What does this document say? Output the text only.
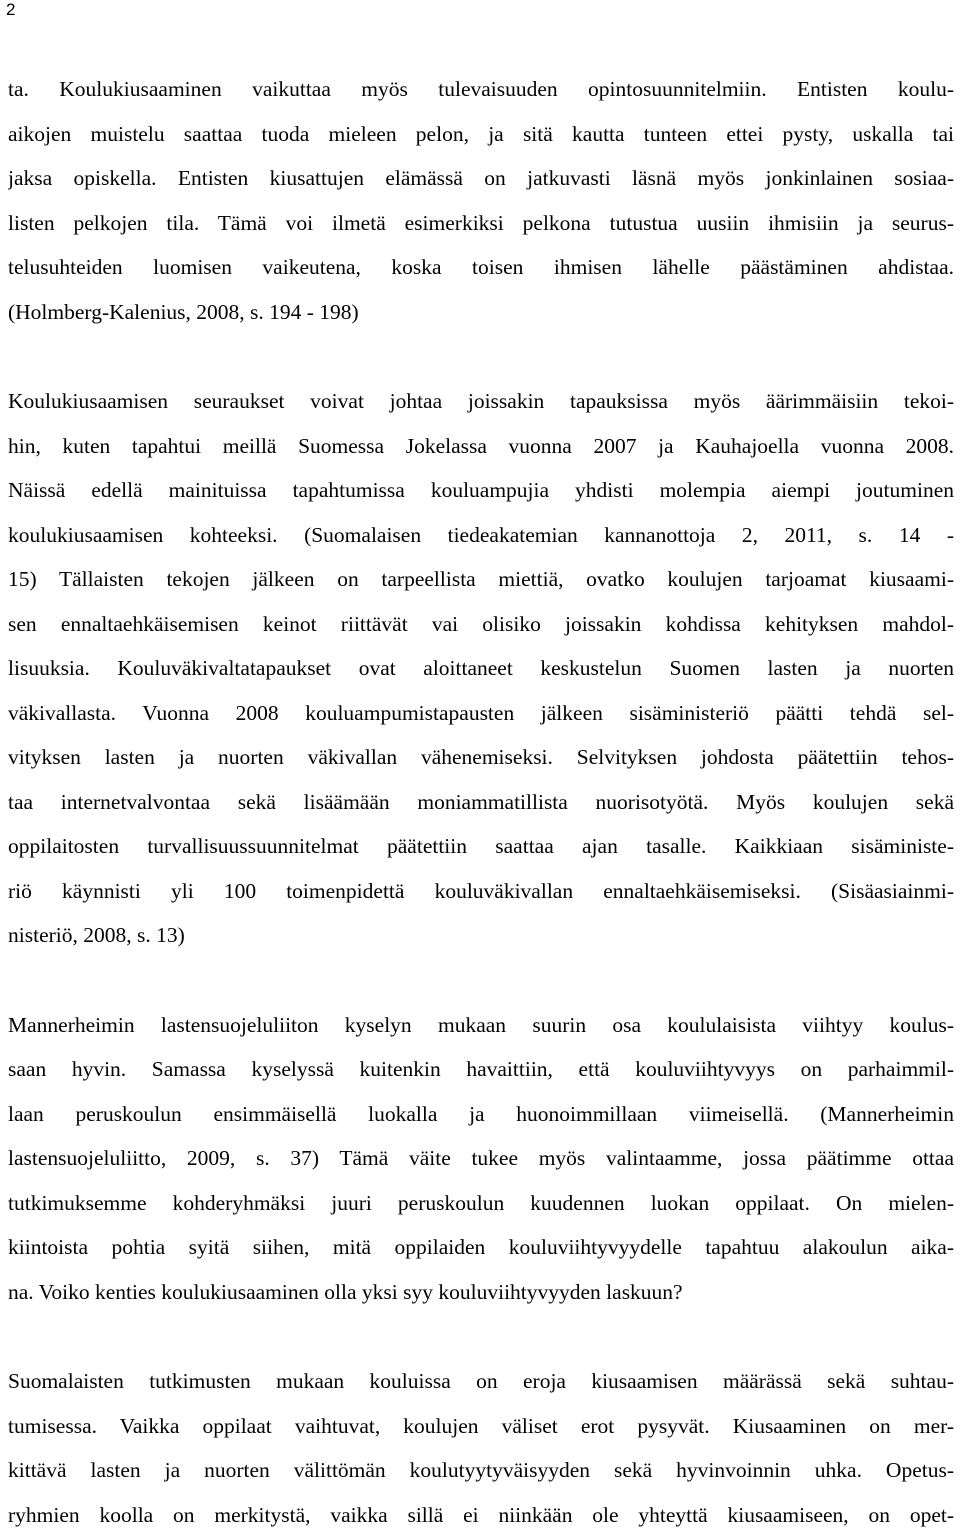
2
ta. Koulukiusaaminen vaikuttaa myös tulevaisuuden opintosuunnitelmiin. Entisten koulu-
aikojen muistelu saattaa tuoda mieleen pelon, ja sitä kautta tunteen ettei pysty, uskalla tai
jaksa opiskella. Entisten kiusattujen elämässä on jatkuvasti läsnä myös jonkinlainen sosiaa-
listen pelkojen tila. Tämä voi ilmetä esimerkiksi pelkona tutustua uusiin ihmisiin ja seurus-
telusuhteiden luomisen vaikeutena, koska toisen ihmisen lähelle päästäminen ahdistaa.
(Holmberg-Kalenius, 2008, s. 194 - 198)
Koulukiusaamisen seuraukset voivat johtaa joissakin tapauksissa myös äärimmäisiin tekoi-
hin, kuten tapahtui meillä Suomessa Jokelassa vuonna 2007 ja Kauhajoella vuonna 2008.
Näissä edellä mainituissa tapahtumissa kouluampujia yhdisti molempia aiempi joutuminen
koulukiusaamisen kohteeksi. (Suomalaisen tiedeakatemian kannanottoja 2, 2011, s. 14 -
15) Tällaisten tekojen jälkeen on tarpeellista miettiä, ovatko koulujen tarjoamat kiusaami-
sen ennaltaehkäisemisen keinot riittävät vai olisiko joissakin kohdissa kehityksen mahdol-
lisuuksia. Kouluväkivaltatapaukset ovat aloittaneet keskustelun Suomen lasten ja nuorten
väkivallasta. Vuonna 2008 kouluampumistapausten jälkeen sisäministeriö päätti tehdä sel-
vityksen lasten ja nuorten väkivallan vähenemiseksi. Selvityksen johdosta päätettiin tehos-
taa internetvalvontaa sekä lisäämään moniammatillista nuorisotyötä. Myös koulujen sekä
oppilaitosten turvallisuussuunnitelmat päätettiin saattaa ajan tasalle. Kaikkiaan sisäministe-
riö käynnisti yli 100 toimenpidettä kouluväkivallan ennaltaehkäisemiseksi. (Sisäasiainmi-
nisteriö, 2008, s. 13)
Mannerheimin lastensuojeluliiton kyselyn mukaan suurin osa koululaisista viihtyy koulus-
saan hyvin. Samassa kyselyssä kuitenkin havaittiin, että kouluviihtyvyys on parhaimmil-
laan peruskoulun ensimmäisellä luokalla ja huonoimmillaan viimeisellä. (Mannerheimin
lastensuojeluliitto, 2009, s. 37) Tämä väite tukee myös valintaamme, jossa päätimme ottaa
tutkimuksemme kohderyhmäksi juuri peruskoulun kuudennen luokan oppilaat. On mielen-
kiintoista pohtia syitä siihen, mitä oppilaiden kouluviihtyvyydelle tapahtuu alakoulun aika-
na. Voiko kenties koulukiusaaminen olla yksi syy kouluviihtyvyyden laskuun?
Suomalaisten tutkimusten mukaan kouluissa on eroja kiusaamisen määrässä sekä suhtau-
tumisessa. Vaikka oppilaat vaihtuvat, koulujen väliset erot pysyvät. Kiusaaminen on mer-
kittävä lasten ja nuorten välittömän koulutyytyväisyyden sekä hyvinvoinnin uhka. Opetus-
ryhmien koolla on merkitystä, vaikka sillä ei niinkään ole yhteyttä kiusaamiseen, on opet-
